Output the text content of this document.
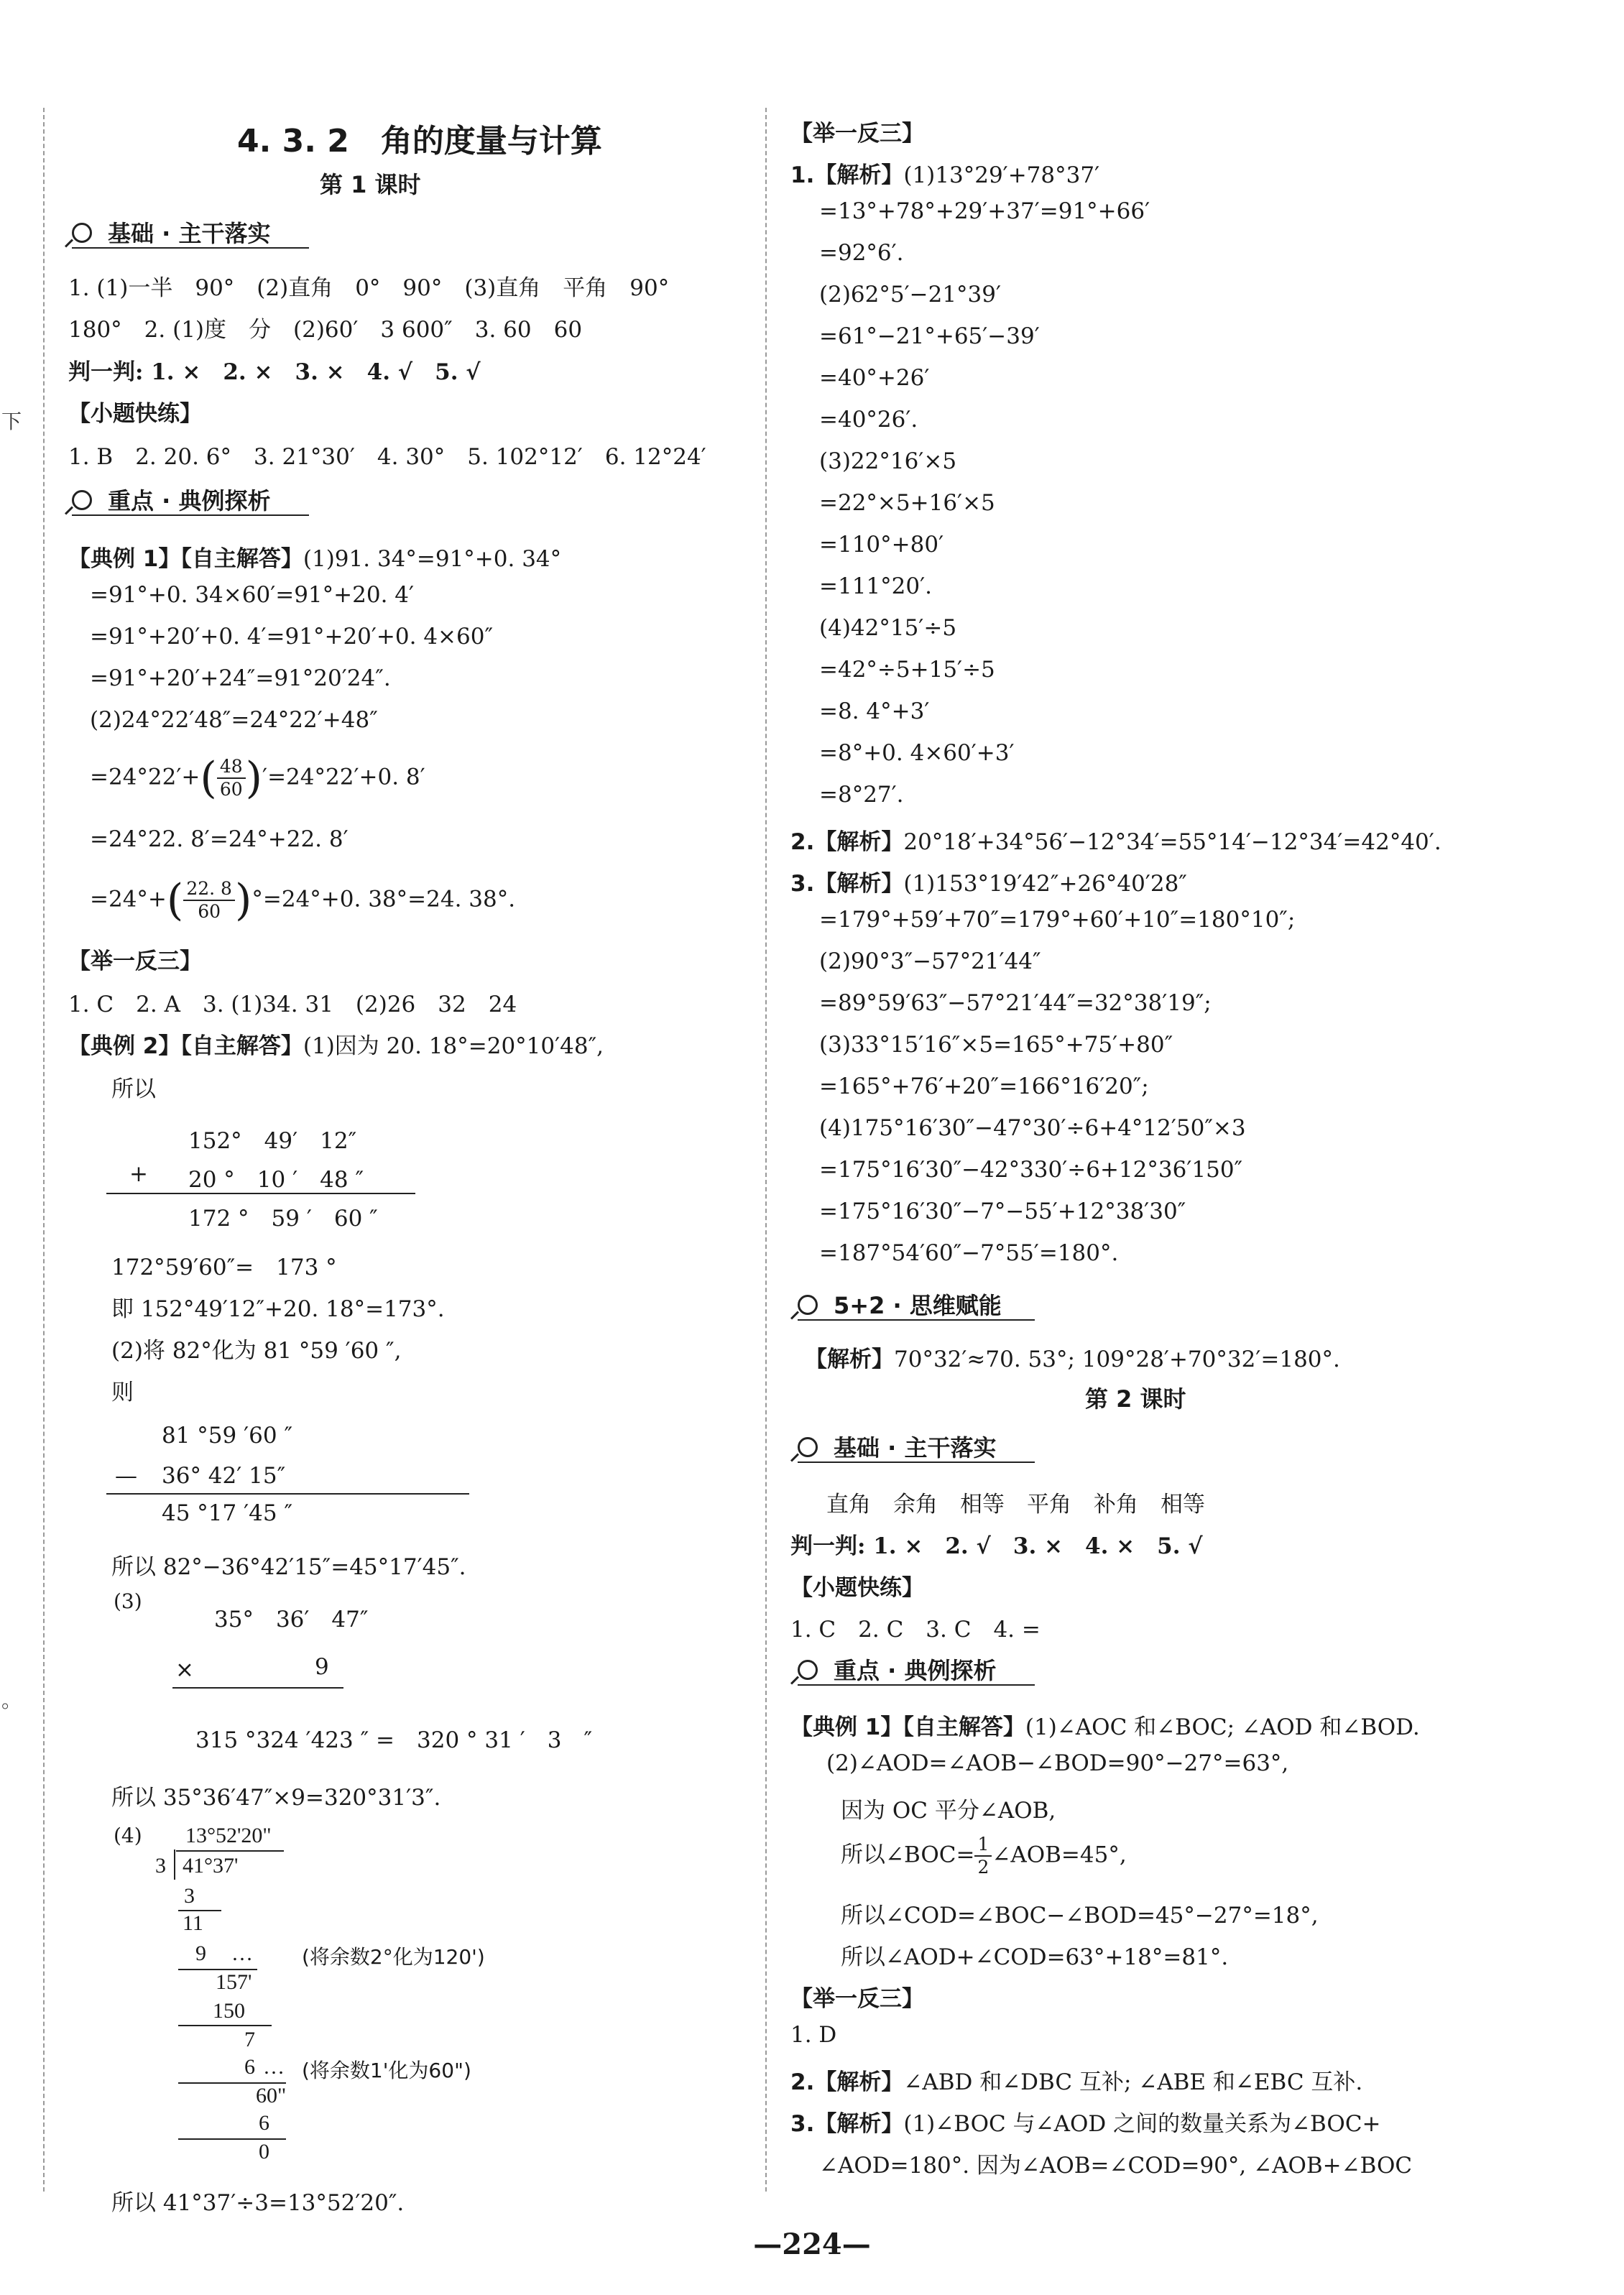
下
。
4. 3. 2　角的度量与计算
第 1 课时
基础 · 主干落实
1. (1)一半　90°　(2)直角　0°　90°　(3)直角　平角　90°
180°　2. (1)度　分　(2)60′　3 600″　3. 60　60
判一判: 1. ×　2. ×　3. ×　4. √　5. √
【小题快练】
1. B　2. 20. 6°　3. 21°30′　4. 30°　5. 102°12′　6. 12°24′
重点 · 典例探析
【典例 1】【自主解答】(1)91. 34°=91°+0. 34°
=91°+0. 34×60′=91°+20. 4′
=91°+20′+0. 4′=91°+20′+0. 4×60″
=91°+20′+24″=91°20′24″.
(2)24°22′48″=24°22′+48″
$=24^\circ 22'+( \frac{48}{60} )'=24^\circ 22'+0$. 8′
=24°22. 8′=24°+22. 8′
$=24^\circ+( \frac{22. 8}{60} )^\circ=24^\circ+0$. 38°=24. 38°.
【举一反三】
1. C　2. A　3. (1)34. 31　(2)26　32　24
【典例 2】【自主解答】(1)因为 20. 18°=20°10′48″,
所以
152°　49′　12″
+ 20 °　10 ′　48 ″
172 °　59 ′　60 ″
172°59′60″=　173 °
即 152°49′12″+20. 18°=173°.
(2)将 82°化为 81 °59 ′60 ″,
则
81 °59 ′60 ″
— 36° 42′ 15″
45 °17 ′45 ″
所以 82°−36°42′15″=45°17′45″.
(3)
35°　36′　47″
×	9
315 °324 ′423 ″ =　320 ° 31 ′　3　″
所以 35°36′47″×9=320°31′3″.
(4) 13°52'20"
3 41°37'
3
11
9 … (将余数2°化为120')
157'
150
7
6 … (将余数1'化为60")
60"
6
0
所以 41°37′÷3=13°52′20″.
【举一反三】
1.【解析】(1)13°29′+78°37′
=13°+78°+29′+37′=91°+66′
=92°6′.
(2)62°5′−21°39′
=61°−21°+65′−39′
=40°+26′
=40°26′.
(3)22°16′×5
=22°×5+16′×5
=110°+80′
=111°20′.
(4)42°15′÷5
=42°÷5+15′÷5
=8. 4°+3′
=8°+0. 4×60′+3′
=8°27′.
2.【解析】20°18′+34°56′−12°34′=55°14′−12°34′=42°40′.
3.【解析】(1)153°19′42″+26°40′28″
=179°+59′+70″=179°+60′+10″=180°10″;
(2)90°3″−57°21′44″
=89°59′63″−57°21′44″=32°38′19″;
(3)33°15′16″×5=165°+75′+80″
=165°+76′+20″=166°16′20″;
(4)175°16′30″−47°30′÷6+4°12′50″×3
=175°16′30″−42°330′÷6+12°36′150″
=175°16′30″−7°−55′+12°38′30″
=187°54′60″−7°55′=180°.
5+2 · 思维赋能
【解析】70°32′≈70. 53°; 109°28′+70°32′=180°.
第 2 课时
基础 · 主干落实
直角　余角　相等　平角　补角　相等
判一判: 1. ×　2. √　3. ×　4. ×　5. √
【小题快练】
1. C　2. C　3. C　4. =
重点 · 典例探析
【典例 1】【自主解答】(1)∠AOC 和∠BOC; ∠AOD 和∠BOD.
(2)∠AOD=∠AOB−∠BOD=90°−27°=63°,
因为 OC 平分∠AOB,
所以∠BOC= $\frac{1}{2}$ ∠AOB=45°,
所以∠COD=∠BOC−∠BOD=45°−27°=18°,
所以∠AOD+∠COD=63°+18°=81°.
【举一反三】
1. D
2.【解析】∠ABD 和∠DBC 互补; ∠ABE 和∠EBC 互补.
3.【解析】(1)∠BOC 与∠AOD 之间的数量关系为∠BOC+
∠AOD=180°. 因为∠AOB=∠COD=90°, ∠AOB+∠BOC
—224—
